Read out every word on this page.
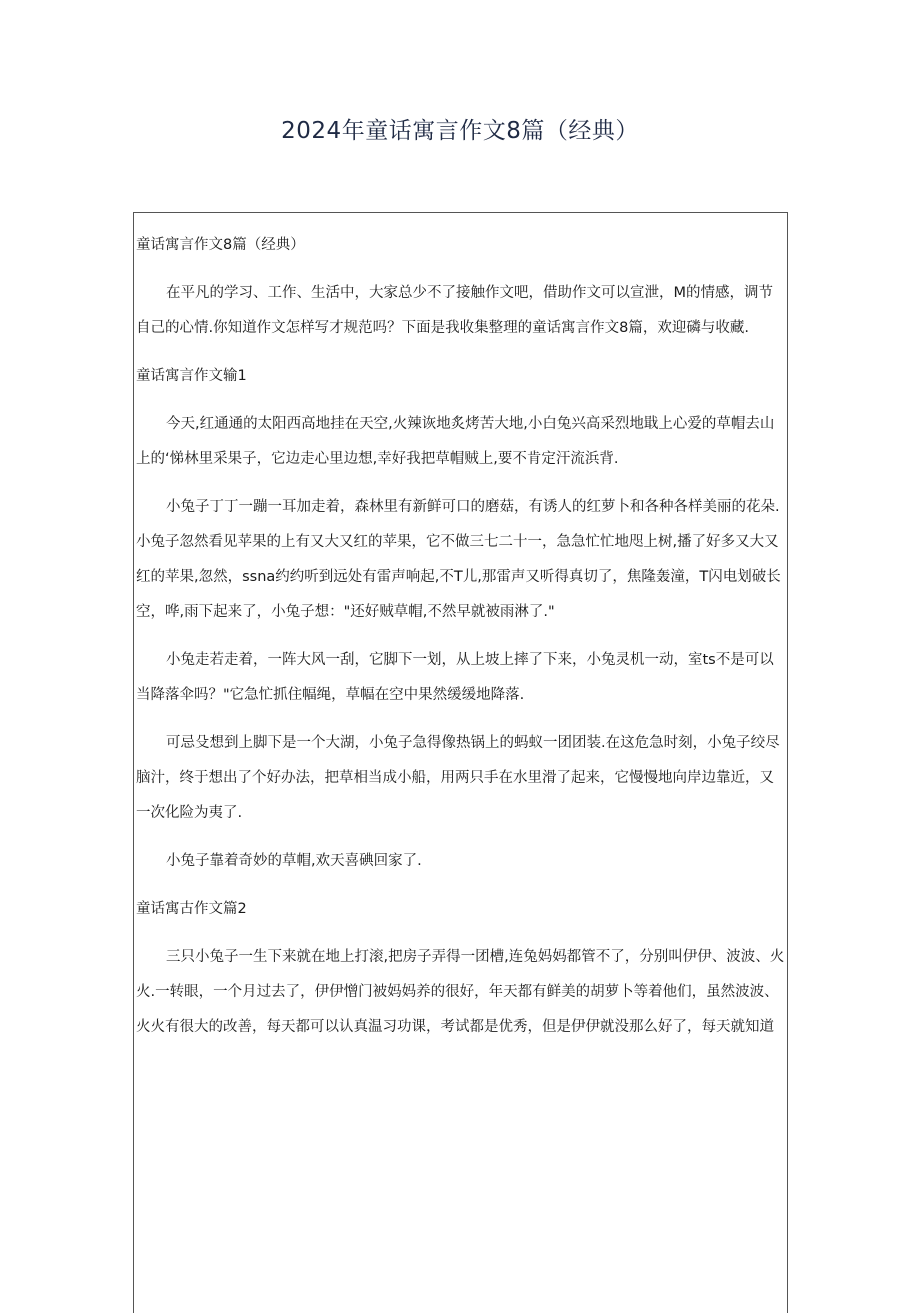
2024年童话寓言作文8篇（经典）
童话寓言作文8篇（经典）
在平凡的学习、工作、生活中，大家总少不了接触作文吧，借助作文可以宣泄，M的情感，调节
自己的心情.你知道作文怎样写才规范吗？下面是我收集整理的童话寓言作文8篇，欢迎磷与收藏.
童话寓言作文输1
今天,红通通的太阳西高地挂在天空,火辣诙地炙烤苦大地,小白兔兴高采烈地戢上心爱的草帽去山
上的‘悌林里采果子，它边走心里边想,幸好我把草帽贼上,要不肯定汗流浜背.
小兔子丁丁一蹦一耳加走着，森林里有新鲜可口的磨菇，有诱人的红萝卜和各种各样美丽的花朵.
小兔子忽然看见苹果的上有又大又红的苹果，它不做三七二十一，急急忙忙地咫上树,播了好多又大又
红的苹果,忽然，ssna约约听到远处有雷声响起,不T儿,那雷声又听得真切了，焦隆轰潼，T闪电划破长
空，哗,雨下起来了，小兔子想："还好贼草帽,不然早就被雨淋了."
小兔走若走着，一阵大风一刮，它脚下一划，从上坡上摔了下来，小兔灵机一动，室ts不是可以
当降落伞吗？"它急忙抓住幅绳，草幅在空中果然缓缓地降落.
可忌殳想到上脚下是一个大湖，小兔子急得像热锅上的蚂蚁一团团装.在这危急时刻，小兔子绞尽
脑汁，终于想出了个好办法，把草相当成小船，用两只手在水里滑了起来，它慢慢地向岸边靠近，又
一次化险为夷了.
小兔子靠着奇妙的草帽,欢天喜碘回家了.
童话寓古作文篇2
三只小兔子一生下来就在地上打滚,把房子弄得一团槽,连兔妈妈都管不了，分别叫伊伊、波波、火
火.一转眼，一个月过去了，伊伊憎门被妈妈养的很好，年天都有鲜美的胡萝卜等着他们，虽然波波、
火火有很大的改善，每天都可以认真温习功课，考试都是优秀，但是伊伊就没那么好了，每天就知道
